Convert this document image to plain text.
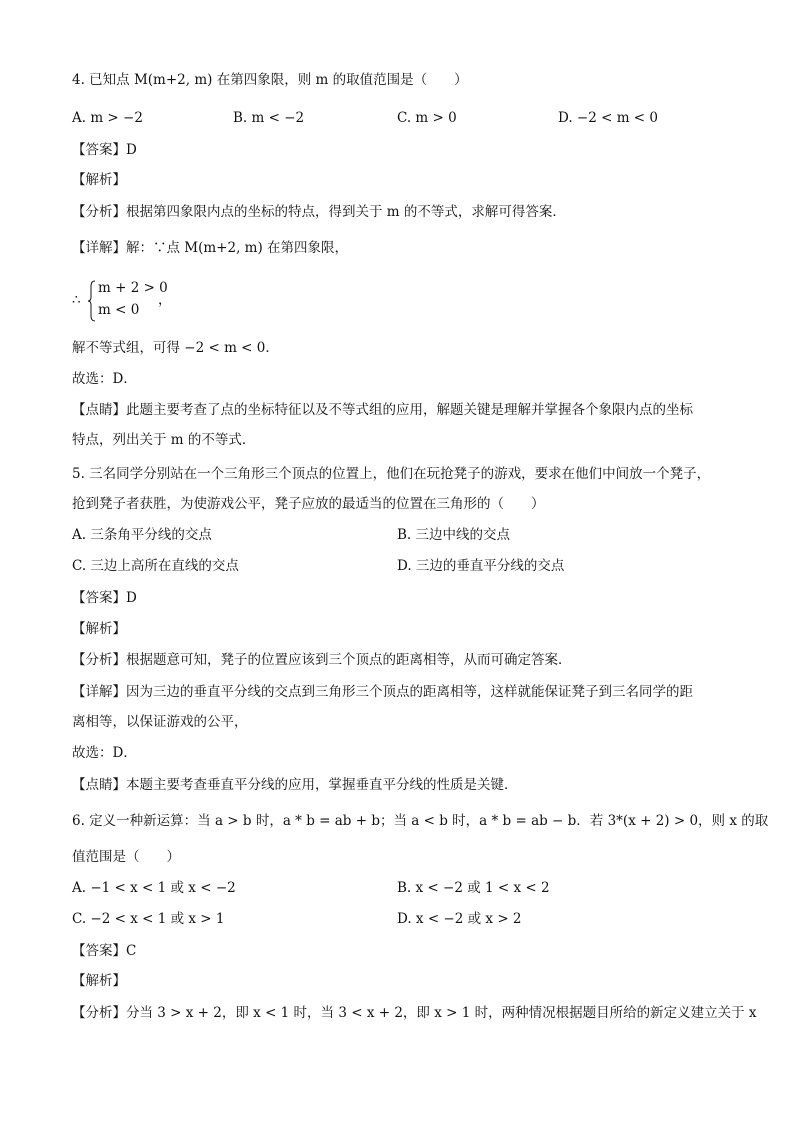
4. 已知点 M(m+2, m) 在第四象限，则 m 的取值范围是（　　）
A. m > −2	B. m < −2	C. m > 0	D. −2 < m < 0
【答案】D
【解析】
【分析】根据第四象限内点的坐标的特点，得到关于 m 的不等式，求解可得答案．
【详解】解：∵点 M(m+2, m) 在第四象限，
∴
m + 2 > 0
m < 0
，
解不等式组，可得 −2 < m < 0．
故选：D．
【点睛】此题主要考查了点的坐标特征以及不等式组的应用，解题关键是理解并掌握各个象限内点的坐标
特点，列出关于 m 的不等式．
5. 三名同学分别站在一个三角形三个顶点的位置上，他们在玩抢凳子的游戏，要求在他们中间放一个凳子，
抢到凳子者获胜，为使游戏公平，凳子应放的最适当的位置在三角形的（　　）
A. 三条角平分线的交点	B. 三边中线的交点
C. 三边上高所在直线的交点	D. 三边的垂直平分线的交点
【答案】D
【解析】
【分析】根据题意可知，凳子的位置应该到三个顶点的距离相等，从而可确定答案．
【详解】因为三边的垂直平分线的交点到三角形三个顶点的距离相等，这样就能保证凳子到三名同学的距
离相等，以保证游戏的公平，
故选：D．
【点睛】本题主要考查垂直平分线的应用，掌握垂直平分线的性质是关键．
6. 定义一种新运算：当 a > b 时，a * b = ab + b；当 a < b 时，a * b = ab − b．若 3*(x + 2) > 0，则 x 的取
值范围是（　　）
A. −1 < x < 1 或 x < −2	B. x < −2 或 1 < x < 2
C. −2 < x < 1 或 x > 1	D. x < −2 或 x > 2
【答案】C
【解析】
【分析】分当 3 > x + 2，即 x < 1 时，当 3 < x + 2，即 x > 1 时，两种情况根据题目所给的新定义建立关于 x
